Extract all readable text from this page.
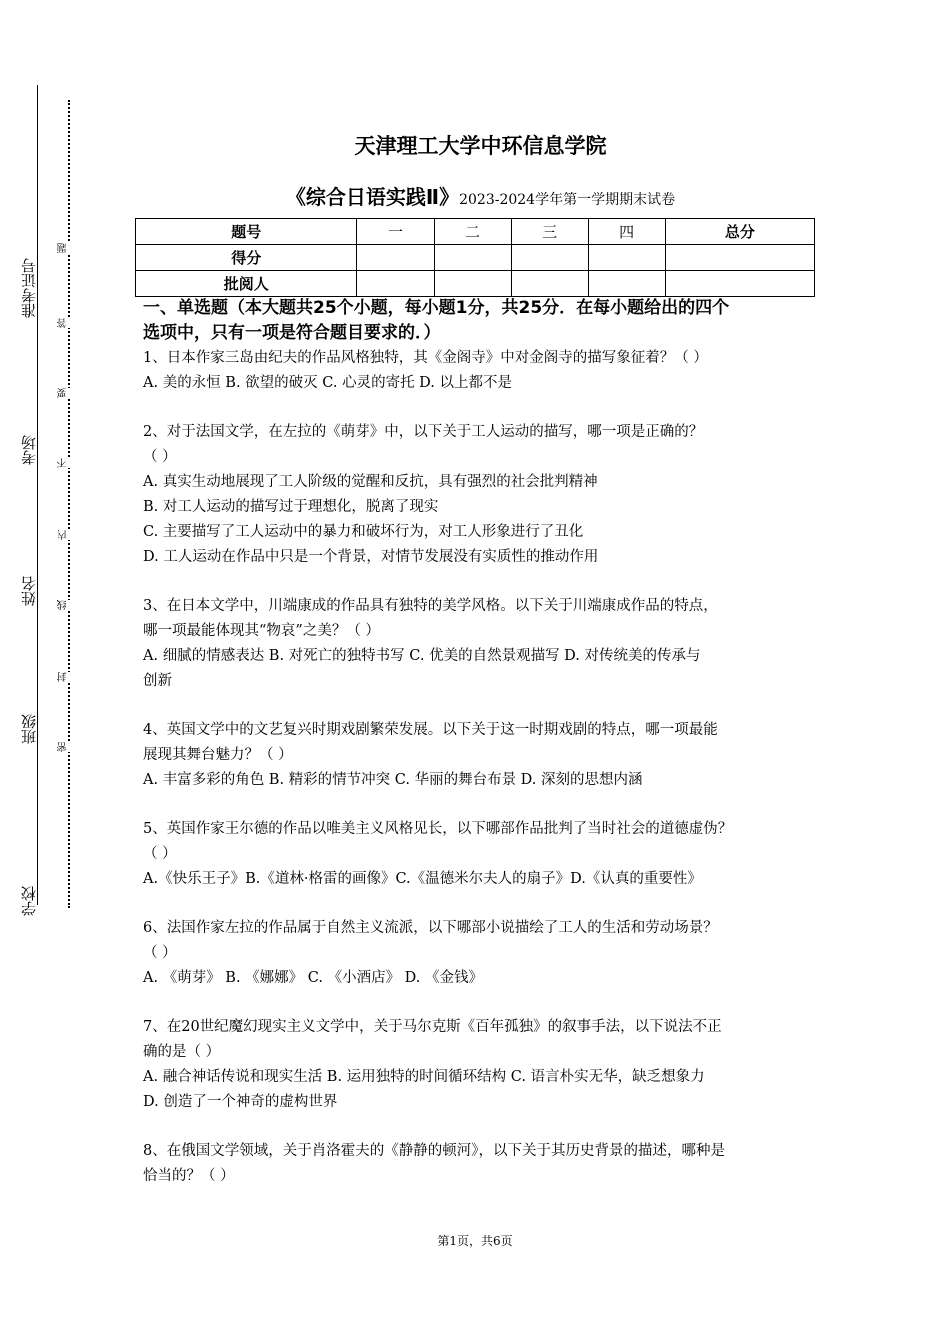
准考证号
考场
姓名
班级
学校
题
答
要
不
内
线
封
密
天津理工大学中环信息学院
《综合日语实践Ⅱ》2023-2024学年第一学期期末试卷
题号	一	二	三	四	总分
得分					
批阅人					
一、单选题（本大题共25个小题，每小题1分，共25分．在每小题给出的四个
选项中，只有一项是符合题目要求的．）

1、日本作家三岛由纪夫的作品风格独特，其《金阁寺》中对金阁寺的描写象征着？（ ）

A. 美的永恒 B. 欲望的破灭 C. 心灵的寄托 D. 以上都不是

2、对于法国文学，在左拉的《萌芽》中，以下关于工人运动的描写，哪一项是正确的？

（ ）

A. 真实生动地展现了工人阶级的觉醒和反抗，具有强烈的社会批判精神

B. 对工人运动的描写过于理想化，脱离了现实

C. 主要描写了工人运动中的暴力和破坏行为，对工人形象进行了丑化

D. 工人运动在作品中只是一个背景，对情节发展没有实质性的推动作用

3、在日本文学中，川端康成的作品具有独特的美学风格。以下关于川端康成作品的特点，

哪一项最能体现其“物哀”之美？（ ）

A. 细腻的情感表达 B. 对死亡的独特书写 C. 优美的自然景观描写 D. 对传统美的传承与

创新

4、英国文学中的文艺复兴时期戏剧繁荣发展。以下关于这一时期戏剧的特点，哪一项最能

展现其舞台魅力？（ ）

A. 丰富多彩的角色 B. 精彩的情节冲突 C. 华丽的舞台布景 D. 深刻的思想内涵

5、英国作家王尔德的作品以唯美主义风格见长，以下哪部作品批判了当时社会的道德虚伪？

（ ）

A.《快乐王子》B.《道林·格雷的画像》C.《温德米尔夫人的扇子》D.《认真的重要性》

6、法国作家左拉的作品属于自然主义流派，以下哪部小说描绘了工人的生活和劳动场景？

（ ）

A. 《萌芽》 B. 《娜娜》 C. 《小酒店》 D. 《金钱》

7、在20世纪魔幻现实主义文学中，关于马尔克斯《百年孤独》的叙事手法，以下说法不正

确的是（ ）

A. 融合神话传说和现实生活 B. 运用独特的时间循环结构 C. 语言朴实无华，缺乏想象力

D. 创造了一个神奇的虚构世界

8、在俄国文学领域，关于肖洛霍夫的《静静的顿河》，以下关于其历史背景的描述，哪种是

恰当的？（ ）

第1页，共6页
